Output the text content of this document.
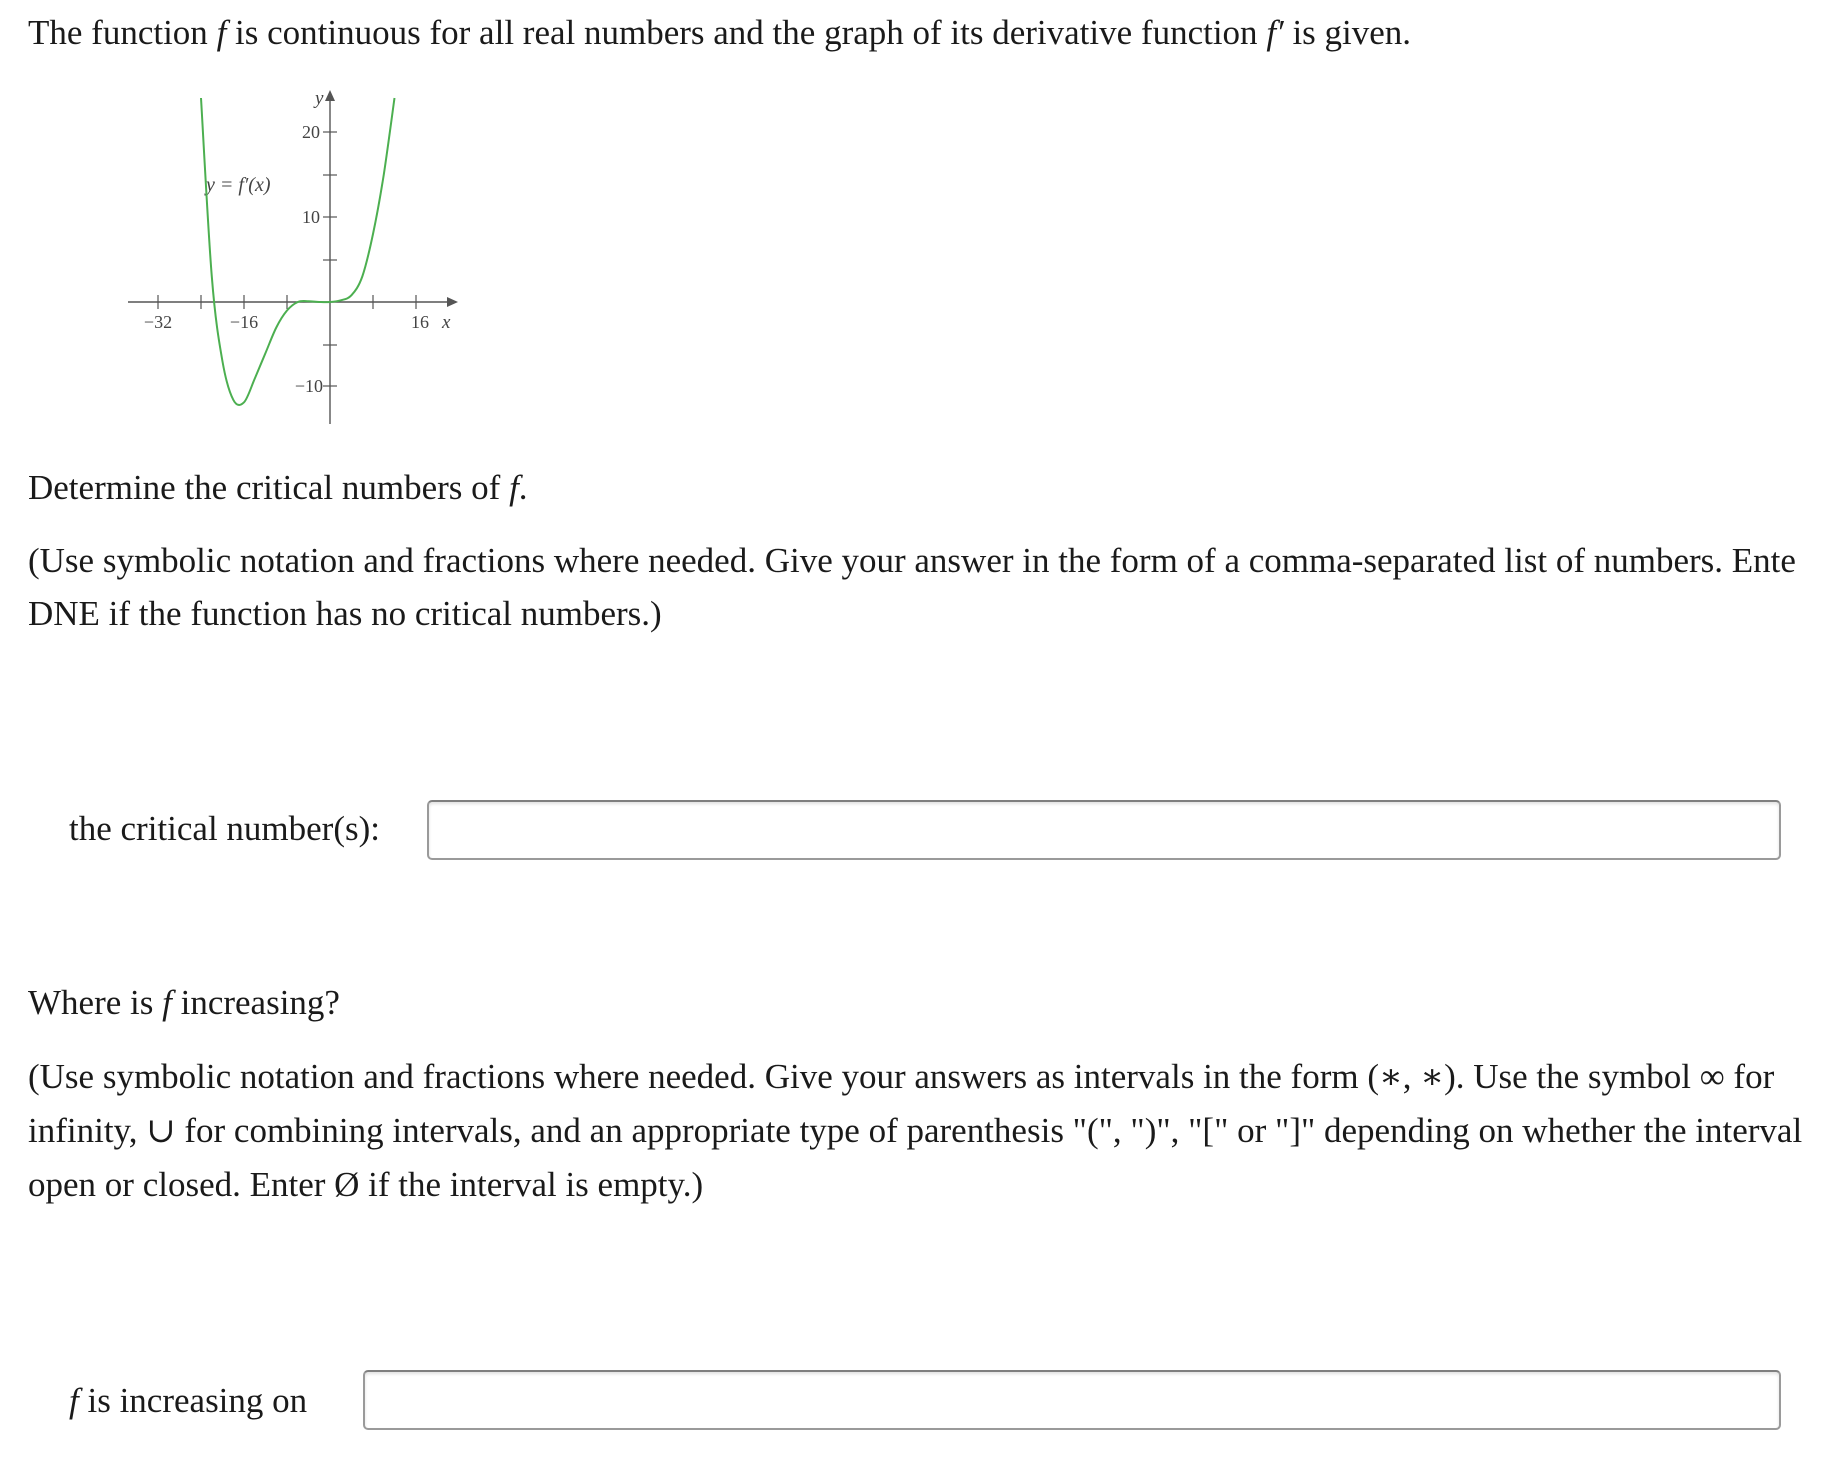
The function f is continuous for all real numbers and the graph of its derivative function f′ is given.
−32	−16	16
20
10
−10
y
x
y = f′(x)
Determine the critical numbers of f.
(Use symbolic notation and fractions where needed. Give your answer in the form of a comma-separated list of numbers. Ente
DNE if the function has no critical numbers.)
the critical number(s):
Where is f increasing?
(Use symbolic notation and fractions where needed. Give your answers as intervals in the form (∗, ∗). Use the symbol ∞ for
infinity, ∪ for combining intervals, and an appropriate type of parenthesis "(", ")", "[" or "]" depending on whether the interval
open or closed. Enter Ø if the interval is empty.)
f is increasing on
